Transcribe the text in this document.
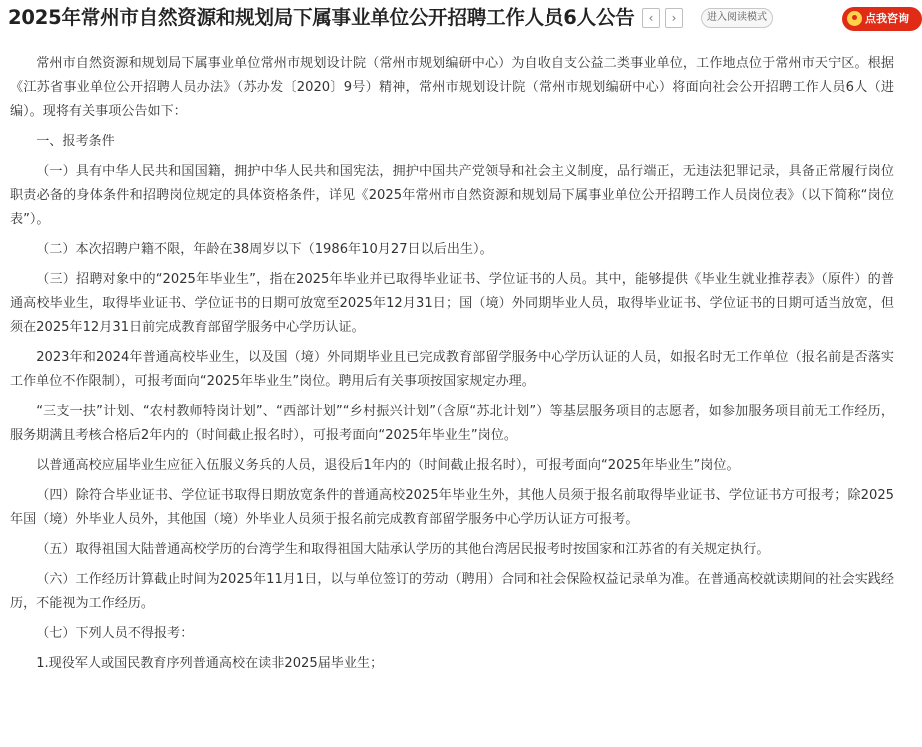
2025年常州市自然资源和规划局下属事业单位公开招聘工作人员6人公告	‹	›	进入阅读模式	点我咨询

常州市自然资源和规划局下属事业单位常州市规划设计院（常州市规划编研中心）为自收自支公益二类事业单位，工作地点位于常州市天宁区。根据《江苏省事业单位公开招聘人员办法》（苏办发〔2020〕9号）精神，常州市规划设计院（常州市规划编研中心）将面向社会公开招聘工作人员6人（进编）。现将有关事项公告如下：

一、报考条件

（一）具有中华人民共和国国籍，拥护中华人民共和国宪法，拥护中国共产党领导和社会主义制度，品行端正，无违法犯罪记录，具备正常履行岗位职责必备的身体条件和招聘岗位规定的具体资格条件，详见《2025年常州市自然资源和规划局下属事业单位公开招聘工作人员岗位表》（以下简称“岗位表”）。

（二）本次招聘户籍不限，年龄在38周岁以下（1986年10月27日以后出生）。

（三）招聘对象中的“2025年毕业生”，指在2025年毕业并已取得毕业证书、学位证书的人员。其中，能够提供《毕业生就业推荐表》（原件）的普通高校毕业生，取得毕业证书、学位证书的日期可放宽至2025年12月31日；国（境）外同期毕业人员，取得毕业证书、学位证书的日期可适当放宽，但须在2025年12月31日前完成教育部留学服务中心学历认证。

2023年和2024年普通高校毕业生，以及国（境）外同期毕业且已完成教育部留学服务中心学历认证的人员，如报名时无工作单位（报名前是否落实工作单位不作限制），可报考面向“2025年毕业生”岗位。聘用后有关事项按国家规定办理。

“三支一扶”计划、“农村教师特岗计划”、“西部计划”“乡村振兴计划”（含原“苏北计划”）等基层服务项目的志愿者，如参加服务项目前无工作经历，服务期满且考核合格后2年内的（时间截止报名时），可报考面向“2025年毕业生”岗位。

以普通高校应届毕业生应征入伍服义务兵的人员，退役后1年内的（时间截止报名时），可报考面向“2025年毕业生”岗位。

（四）除符合毕业证书、学位证书取得日期放宽条件的普通高校2025年毕业生外，其他人员须于报名前取得毕业证书、学位证书方可报考；除2025年国（境）外毕业人员外，其他国（境）外毕业人员须于报名前完成教育部留学服务中心学历认证方可报考。

（五）取得祖国大陆普通高校学历的台湾学生和取得祖国大陆承认学历的其他台湾居民报考时按国家和江苏省的有关规定执行。

（六）工作经历计算截止时间为2025年11月1日，以与单位签订的劳动（聘用）合同和社会保险权益记录单为准。在普通高校就读期间的社会实践经历，不能视为工作经历。

（七）下列人员不得报考：

1.现役军人或国民教育序列普通高校在读非2025届毕业生；
